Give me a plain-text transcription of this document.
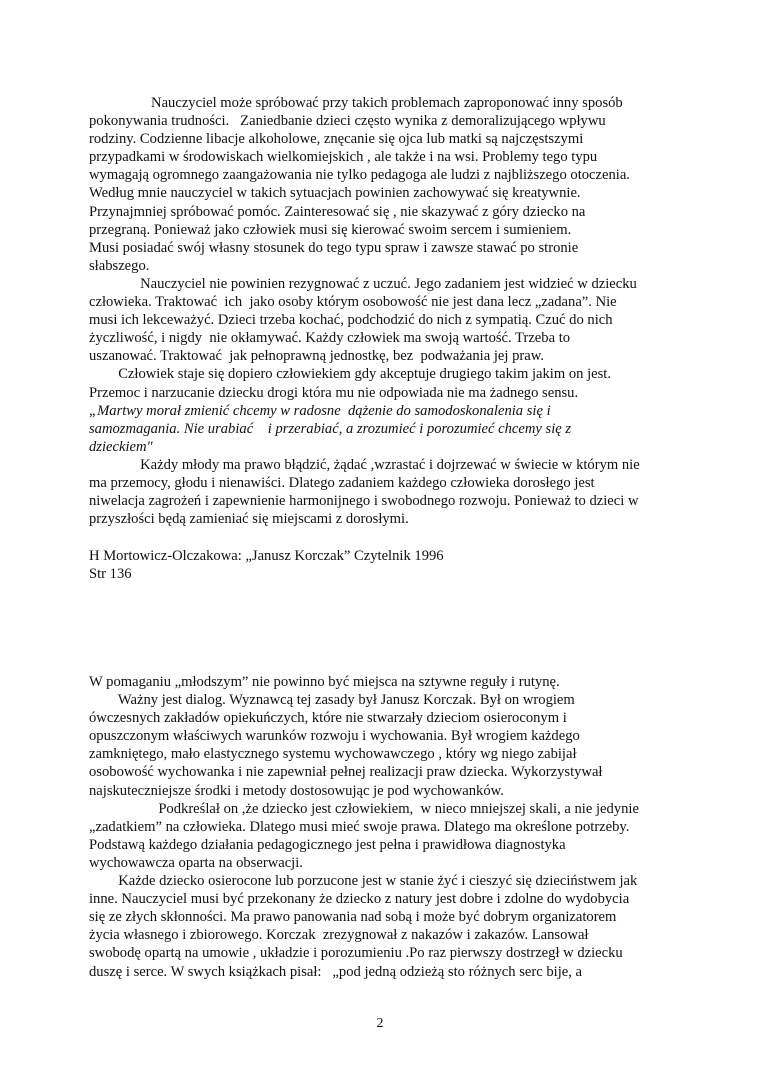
Nauczyciel może spróbować przy takich problemach zaproponować inny sposób
pokonywania trudności.   Zaniedbanie dzieci często wynika z demoralizującego wpływu
rodziny. Codzienne libacje alkoholowe, znęcanie się ojca lub matki są najczęstszymi
przypadkami w środowiskach wielkomiejskich , ale także i na wsi. Problemy tego typu
wymagają ogromnego zaangażowania nie tylko pedagoga ale ludzi z najbliższego otoczenia.
Według mnie nauczyciel w takich sytuacjach powinien zachowywać się kreatywnie.
Przynajmniej spróbować pomóc. Zainteresować się , nie skazywać z góry dziecko na
przegraną. Ponieważ jako człowiek musi się kierować swoim sercem i sumieniem.
Musi posiadać swój własny stosunek do tego typu spraw i zawsze stawać po stronie
słabszego.
Nauczyciel nie powinien rezygnować z uczuć. Jego zadaniem jest widzieć w dziecku
człowieka. Traktować  ich  jako osoby którym osobowość nie jest dana lecz „zadana”. Nie
musi ich lekceważyć. Dzieci trzeba kochać, podchodzić do nich z sympatią. Czuć do nich
życzliwość, i nigdy  nie okłamywać. Każdy człowiek ma swoją wartość. Trzeba to
uszanować. Traktować  jak pełnoprawną jednostkę, bez  podważania jej praw.
Człowiek staje się dopiero człowiekiem gdy akceptuje drugiego takim jakim on jest.
Przemoc i narzucanie dziecku drogi która mu nie odpowiada nie ma żadnego sensu.
„Martwy morał zmienić chcemy w radosne  dążenie do samodoskonalenia się i
samozmagania. Nie urabiać    i przerabiać, a zrozumieć i porozumieć chcemy się z
dzieckiem"
Każdy młody ma prawo błądzić, żądać ,wzrastać i dojrzewać w świecie w którym nie
ma przemocy, głodu i nienawiści. Dlatego zadaniem każdego człowieka dorosłego jest
niwelacja zagrożeń i zapewnienie harmonijnego i swobodnego rozwoju. Ponieważ to dzieci w
przyszłości będą zamieniać się miejscami z dorosłymi.
H Mortowicz-Olczakowa: „Janusz Korczak” Czytelnik 1996
Str 136
W pomaganiu „młodszym” nie powinno być miejsca na sztywne reguły i rutynę.
Ważny jest dialog. Wyznawcą tej zasady był Janusz Korczak. Był on wrogiem
ówczesnych zakładów opiekuńczych, które nie stwarzały dzieciom osieroconym i
opuszczonym właściwych warunków rozwoju i wychowania. Był wrogiem każdego
zamkniętego, mało elastycznego systemu wychowawczego , który wg niego zabijał
osobowość wychowanka i nie zapewniał pełnej realizacji praw dziecka. Wykorzystywał
najskuteczniejsze środki i metody dostosowując je pod wychowanków.
Podkreślał on ,że dziecko jest człowiekiem,  w nieco mniejszej skali, a nie jedynie
„zadatkiem” na człowieka. Dlatego musi mieć swoje prawa. Dlatego ma określone potrzeby.
Podstawą każdego działania pedagogicznego jest pełna i prawidłowa diagnostyka
wychowawcza oparta na obserwacji.
Każde dziecko osierocone lub porzucone jest w stanie żyć i cieszyć się dzieciństwem jak
inne. Nauczyciel musi być przekonany że dziecko z natury jest dobre i zdolne do wydobycia
się ze złych skłonności. Ma prawo panowania nad sobą i może być dobrym organizatorem
życia własnego i zbiorowego. Korczak  zrezygnował z nakazów i zakazów. Lansował
swobodę opartą na umowie , układzie i porozumieniu .Po raz pierwszy dostrzegł w dziecku
duszę i serce. W swych książkach pisał:   „pod jedną odzieżą sto różnych serc bije, a
2
